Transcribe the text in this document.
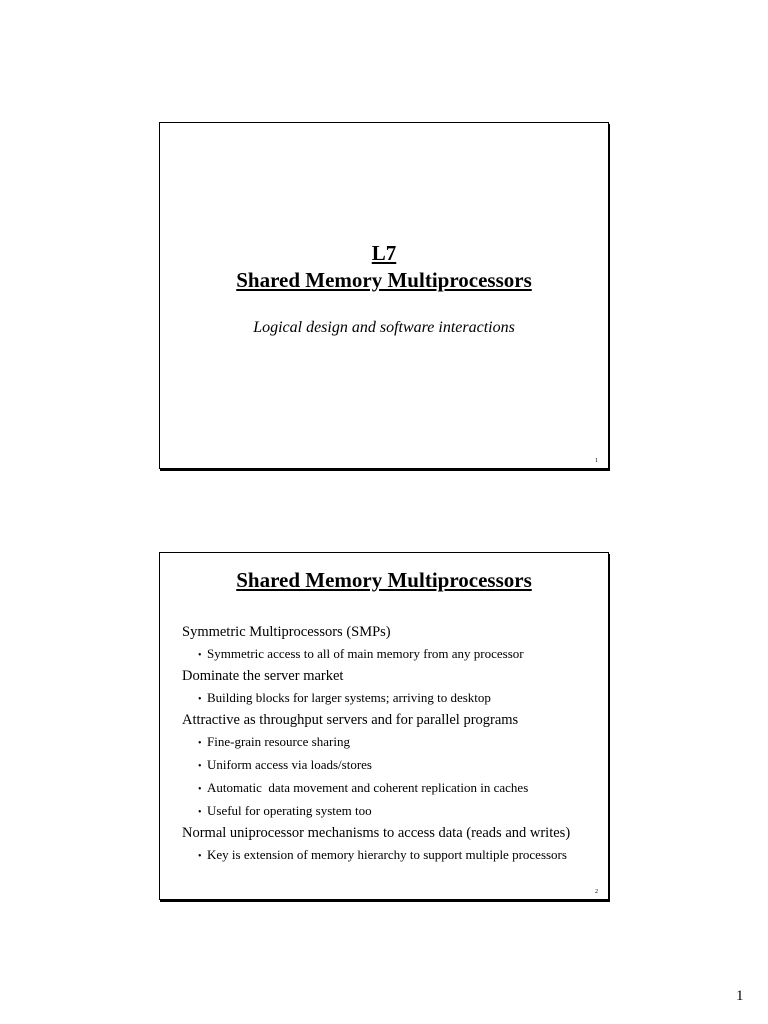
L7
Shared Memory Multiprocessors
Logical design and software interactions
1
Shared Memory Multiprocessors
Symmetric Multiprocessors (SMPs)
• Symmetric access to all of main memory from any processor
Dominate the server market
• Building blocks for larger systems; arriving to desktop
Attractive as throughput servers and for parallel programs
• Fine-grain resource sharing
• Uniform access via loads/stores
• Automatic  data movement and coherent replication in caches
• Useful for operating system too
Normal uniprocessor mechanisms to access data (reads and writes)
• Key is extension of memory hierarchy to support multiple processors
2
1
